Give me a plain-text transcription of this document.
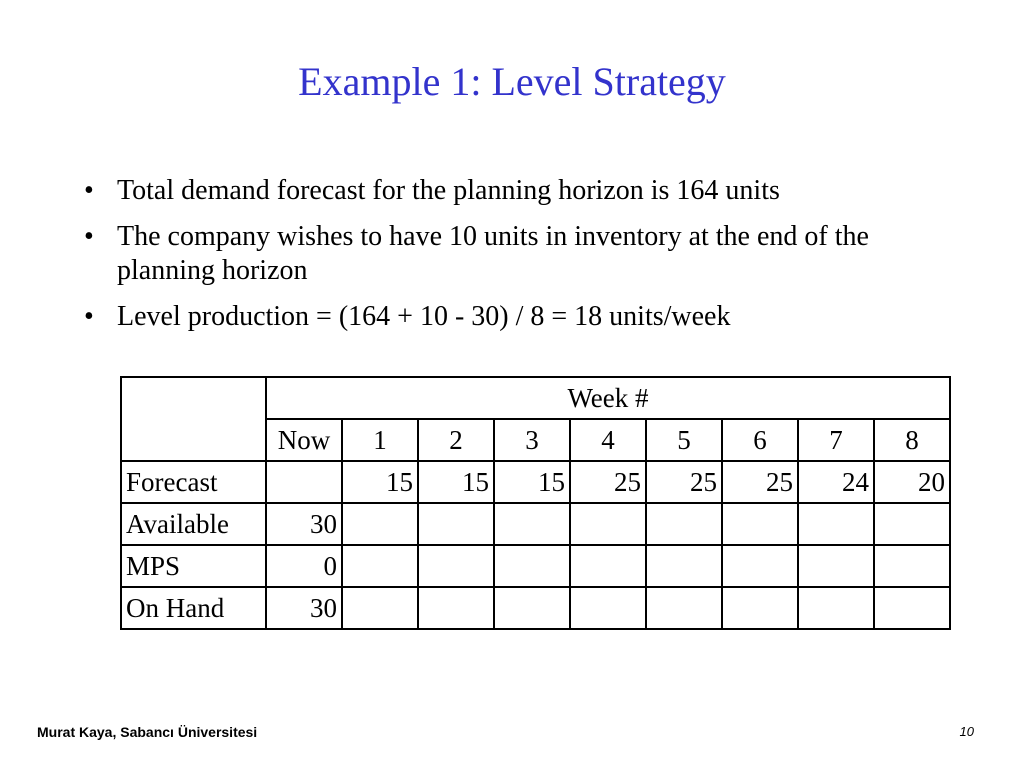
Example 1: Level Strategy
• Total demand forecast for the planning horizon is 164 units
• The company wishes to have 10 units in inventory at the end of the planning horizon
• Level production = (164 + 10 - 30) / 8 = 18 units/week
	Week #								
	Now	1	2	3	4	5	6	7	8
Forecast		15	15	15	25	25	25	24	20
Available	30								
MPS	0								
On Hand	30								
Murat Kaya, Sabancı Üniversitesi	10
